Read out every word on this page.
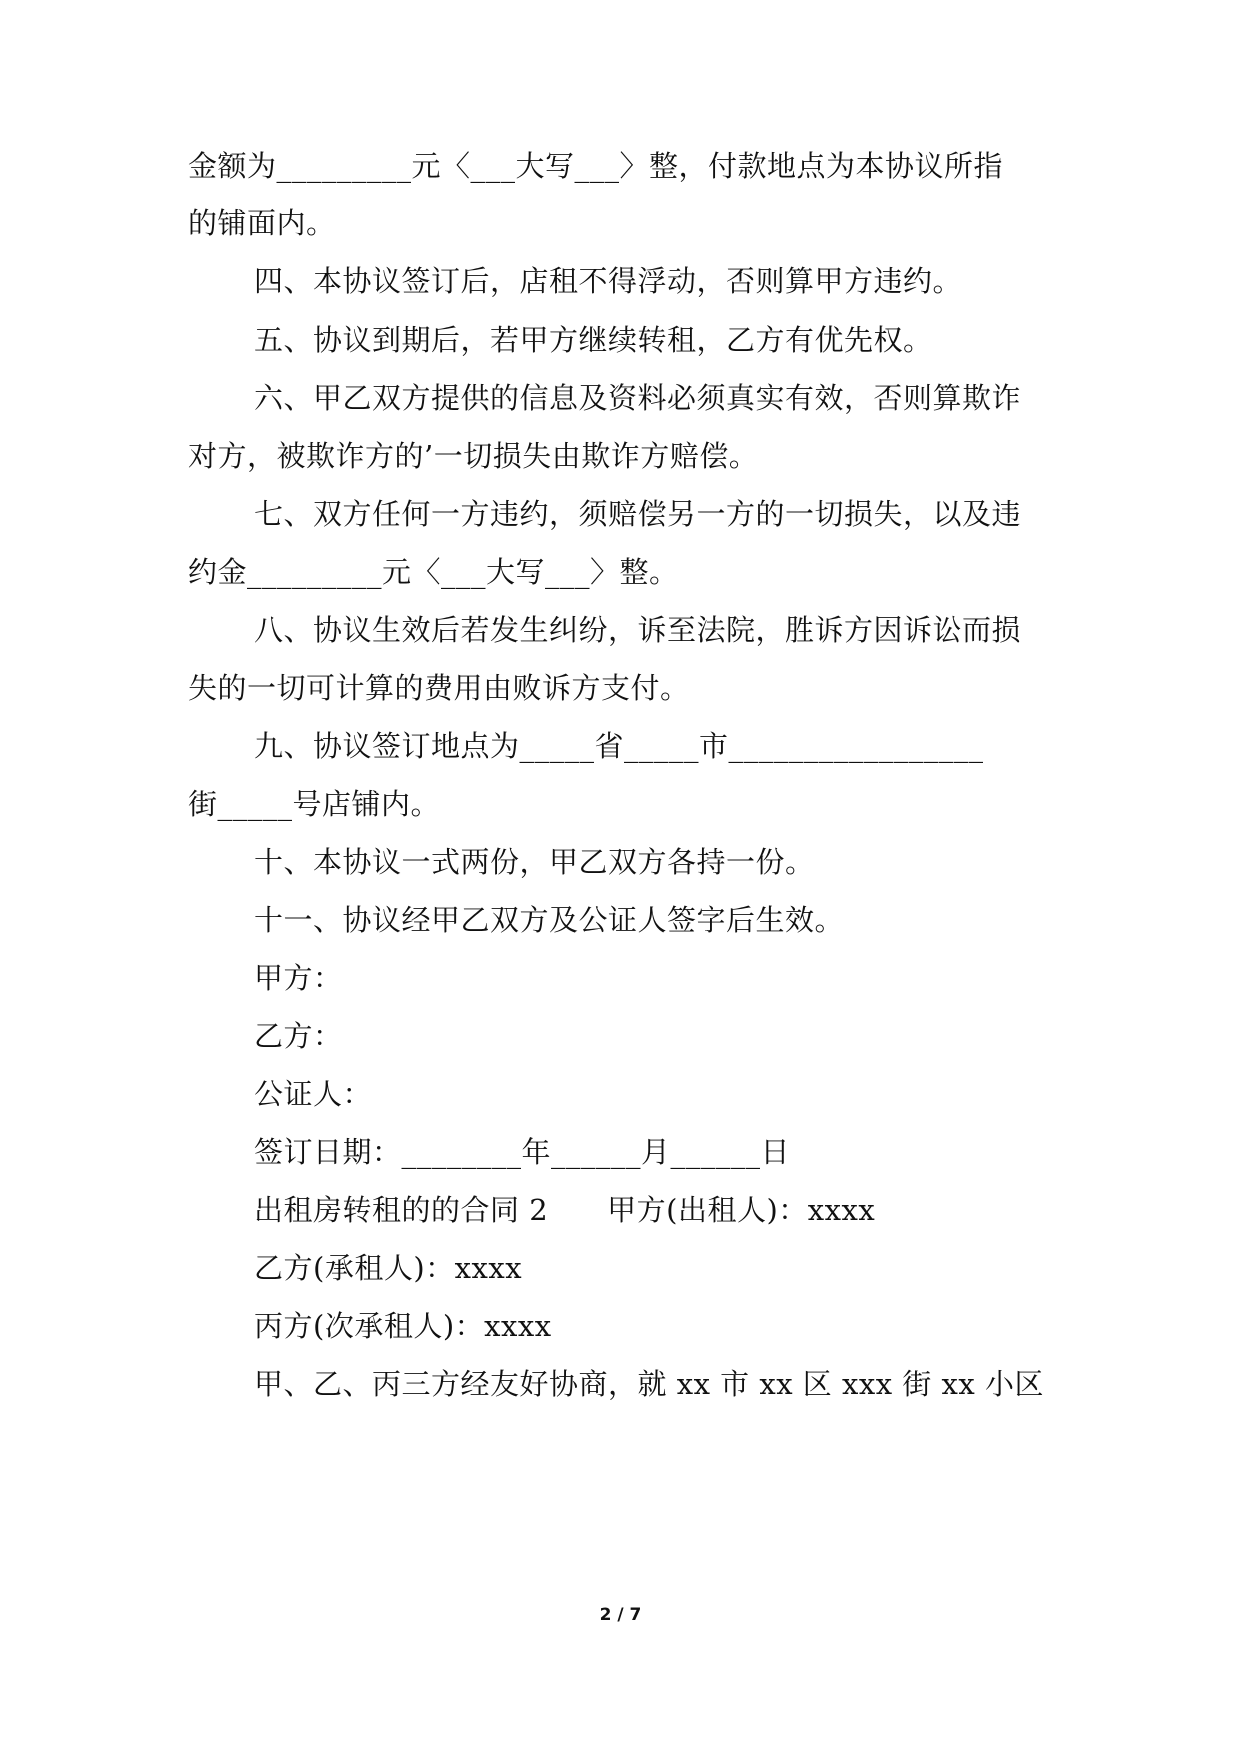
金额为_________元〈___大写___〉整，付款地点为本协议所指
的铺面内。
四、本协议签订后，店租不得浮动，否则算甲方违约。
五、协议到期后，若甲方继续转租，乙方有优先权。
六、甲乙双方提供的信息及资料必须真实有效，否则算欺诈
对方，被欺诈方的’一切损失由欺诈方赔偿。
七、双方任何一方违约，须赔偿另一方的一切损失，以及违
约金_________元〈___大写___〉整。
八、协议生效后若发生纠纷，诉至法院，胜诉方因诉讼而损
失的一切可计算的费用由败诉方支付。
九、协议签订地点为_____省_____市_________________
街_____号店铺内。
十、本协议一式两份，甲乙双方各持一份。
十一、协议经甲乙双方及公证人签字后生效。
甲方：
乙方：
公证人：
签订日期：________年______月______日
出租房转租的的合同 2　　甲方(出租人)：xxxx
乙方(承租人)：xxxx
丙方(次承租人)：xxxx
甲、乙、丙三方经友好协商，就 xx 市 xx 区 xxx 街 xx 小区
2 / 7
